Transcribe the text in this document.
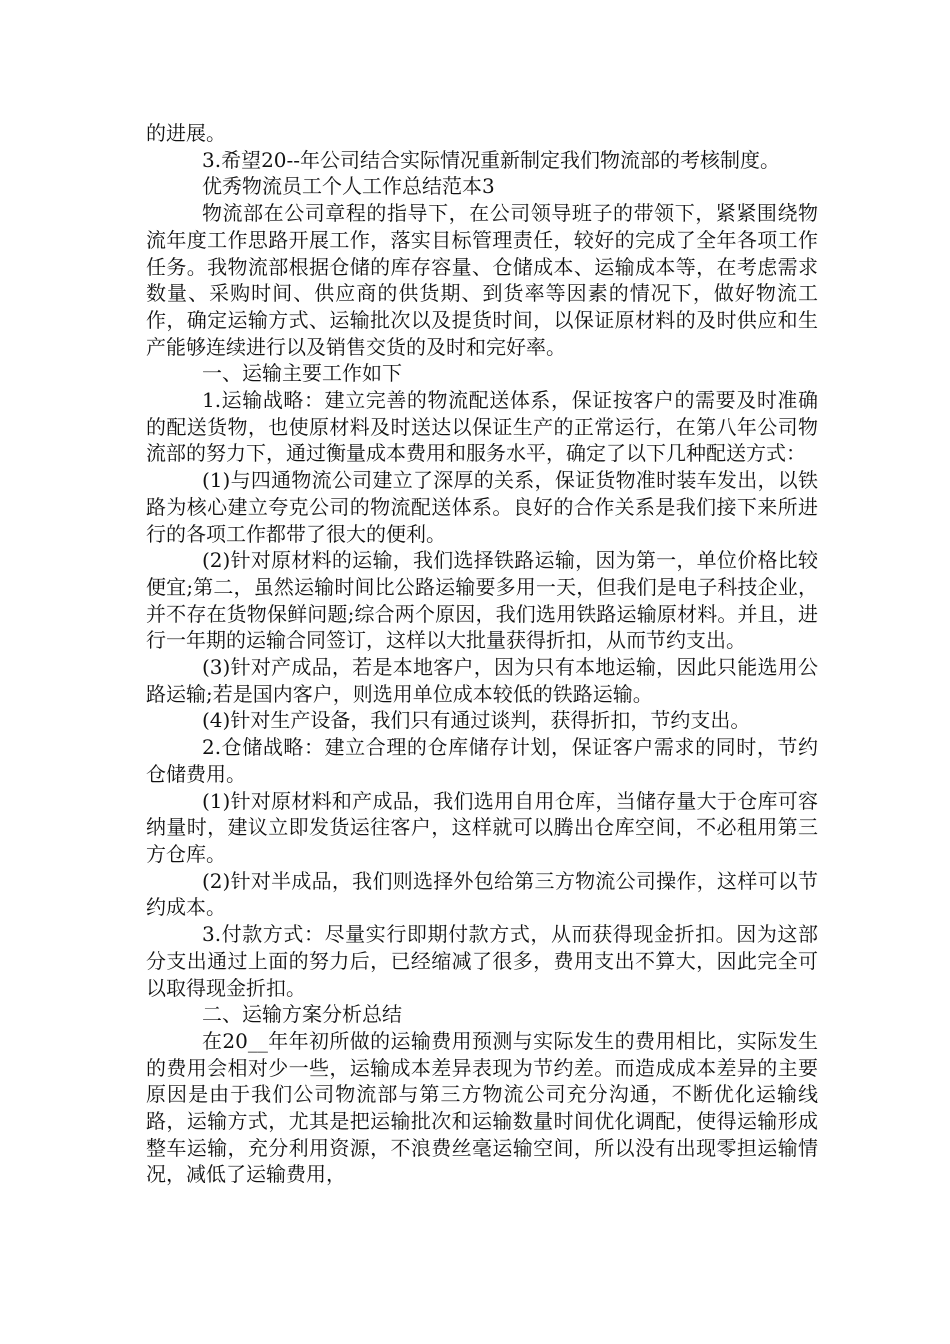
的进展。

3.希望20--年公司结合实际情况重新制定我们物流部的考核制度。

优秀物流员工个人工作总结范本3

物流部在公司章程的指导下，在公司领导班子的带领下，紧紧围绕物流年度工作思路开展工作，落实目标管理责任，较好的完成了全年各项工作任务。我物流部根据仓储的库存容量、仓储成本、运输成本等，在考虑需求数量、采购时间、供应商的供货期、到货率等因素的情况下，做好物流工作，确定运输方式、运输批次以及提货时间，以保证原材料的及时供应和生产能够连续进行以及销售交货的及时和完好率。

一、运输主要工作如下

1.运输战略：建立完善的物流配送体系，保证按客户的需要及时准确的配送货物，也使原材料及时送达以保证生产的正常运行，在第八年公司物流部的努力下，通过衡量成本费用和服务水平，确定了以下几种配送方式：

(1)与四通物流公司建立了深厚的关系，保证货物准时装车发出，以铁路为核心建立夸克公司的物流配送体系。良好的合作关系是我们接下来所进行的各项工作都带了很大的便利。

(2)针对原材料的运输，我们选择铁路运输，因为第一，单位价格比较便宜;第二，虽然运输时间比公路运输要多用一天，但我们是电子科技企业，并不存在货物保鲜问题;综合两个原因，我们选用铁路运输原材料。并且，进行一年期的运输合同签订，这样以大批量获得折扣，从而节约支出。

(3)针对产成品，若是本地客户，因为只有本地运输，因此只能选用公路运输;若是国内客户，则选用单位成本较低的铁路运输。

(4)针对生产设备，我们只有通过谈判，获得折扣，节约支出。

2.仓储战略：建立合理的仓库储存计划，保证客户需求的同时，节约仓储费用。

(1)针对原材料和产成品，我们选用自用仓库，当储存量大于仓库可容纳量时，建议立即发货运往客户，这样就可以腾出仓库空间，不必租用第三方仓库。

(2)针对半成品，我们则选择外包给第三方物流公司操作，这样可以节约成本。

3.付款方式：尽量实行即期付款方式，从而获得现金折扣。因为这部分支出通过上面的努力后，已经缩减了很多，费用支出不算大，因此完全可以取得现金折扣。

二、运输方案分析总结

在20__年年初所做的运输费用预测与实际发生的费用相比，实际发生的费用会相对少一些，运输成本差异表现为节约差。而造成成本差异的主要原因是由于我们公司物流部与第三方物流公司充分沟通，不断优化运输线路，运输方式，尤其是把运输批次和运输数量时间优化调配，使得运输形成整车运输，充分利用资源，不浪费丝毫运输空间，所以没有出现零担运输情况，减低了运输费用，
